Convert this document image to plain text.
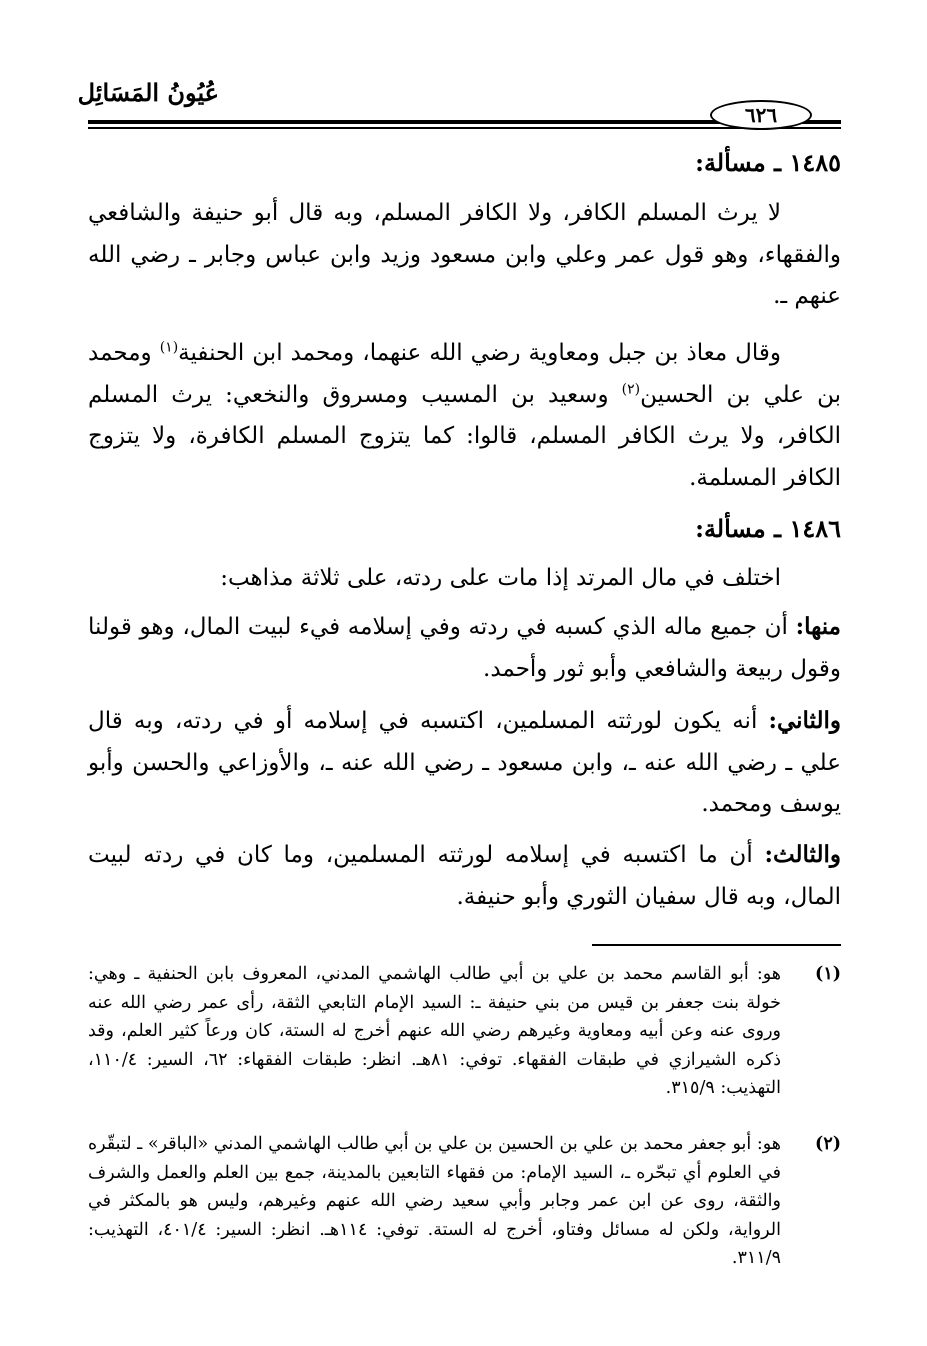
عُيُونُ المَسَائِل
٦٢٦
١٤٨٥ ـ مسألة:
لا يرث المسلم الكافر، ولا الكافر المسلم، وبه قال أبو حنيفة والشافعي والفقهاء، وهو قول عمر وعلي وابن مسعود وزيد وابن عباس وجابر ـ رضي الله عنهم ـ.
وقال معاذ بن جبل ومعاوية رضي الله عنهما، ومحمد ابن الحنفية$^{(١)}$ ومحمد بن علي بن الحسين$^{(٢)}$ وسعيد بن المسيب ومسروق والنخعي: يرث المسلم الكافر، ولا يرث الكافر المسلم، قالوا: كما يتزوج المسلم الكافرة، ولا يتزوج الكافر المسلمة.
١٤٨٦ ـ مسألة:
اختلف في مال المرتد إذا مات على ردته، على ثلاثة مذاهب:
منها: أن جميع ماله الذي كسبه في ردته وفي إسلامه فيء لبيت المال، وهو قولنا وقول ربيعة والشافعي وأبو ثور وأحمد.
والثاني: أنه يكون لورثته المسلمين، اكتسبه في إسلامه أو في ردته، وبه قال علي ـ رضي الله عنه ـ، وابن مسعود ـ رضي الله عنه ـ، والأوزاعي والحسن وأبو يوسف ومحمد.
والثالث: أن ما اكتسبه في إسلامه لورثته المسلمين، وما كان في ردته لبيت المال، وبه قال سفيان الثوري وأبو حنيفة.
(١)
هو: أبو القاسم محمد بن علي بن أبي طالب الهاشمي المدني، المعروف بابن الحنفية ـ وهي: خولة بنت جعفر بن قيس من بني حنيفة ـ: السيد الإمام التابعي الثقة، رأى عمر رضي الله عنه وروى عنه وعن أبيه ومعاوية وغيرهم رضي الله عنهم أخرج له الستة، كان ورعاً كثير العلم، وقد ذكره الشيرازي في طبقات الفقهاء. توفي: ٨١هـ. انظر: طبقات الفقهاء: ٦٢، السير: ١١٠/٤، التهذيب: ٣١٥/٩.
(٢)
هو: أبو جعفر محمد بن علي بن الحسين بن علي بن أبي طالب الهاشمي المدني «الباقر» ـ لتبقّره في العلوم أي تبحّره ـ، السيد الإمام: من فقهاء التابعين بالمدينة، جمع بين العلم والعمل والشرف والثقة، روى عن ابن عمر وجابر وأبي سعيد رضي الله عنهم وغيرهم، وليس هو بالمكثر في الرواية، ولكن له مسائل وفتاو، أخرج له الستة. توفي: ١١٤هـ. انظر: السير: ٤٠١/٤، التهذيب: ٣١١/٩.
